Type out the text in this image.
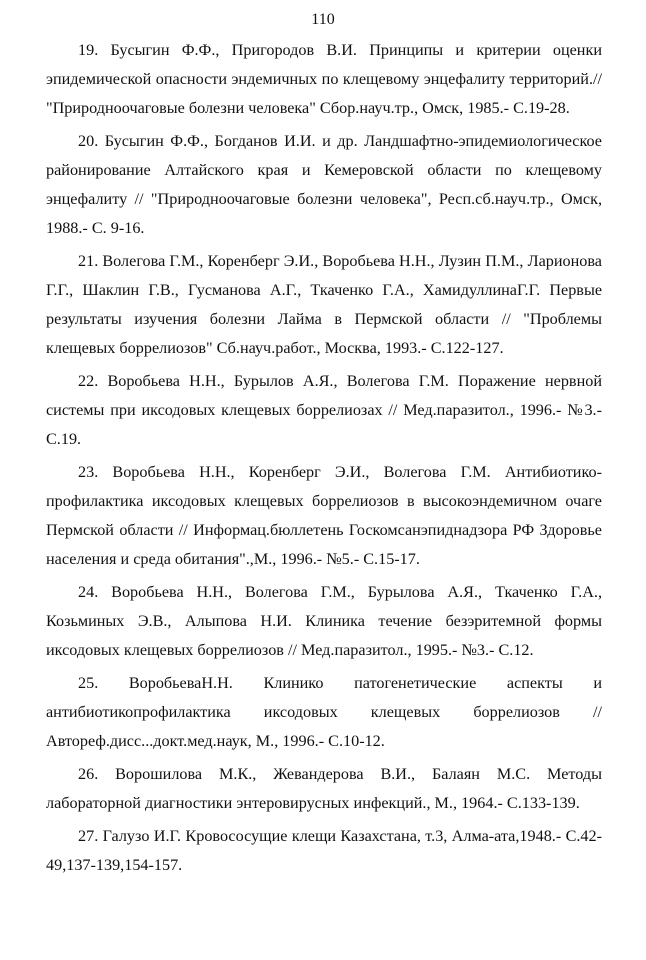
110

19. Бусыгин Ф.Ф., Пригородов В.И. Принципы и критерии оценки эпидемической опасности эндемичных по клещевому энцефалиту территорий.// "Природноочаговые болезни человека" Сбор.науч.тр., Омск, 1985.- С.19-28.

20. Бусыгин Ф.Ф., Богданов И.И. и др. Ландшафтно-эпидемиологическое районирование Алтайского края и Кемеровской области по клещевому энцефалиту // "Природноочаговые болезни человека", Респ.сб.науч.тр., Омск, 1988.- С. 9-16.

21. Волегова Г.М., Коренберг Э.И., Воробьева Н.Н., Лузин П.М., Ларионова Г.Г., Шаклин Г.В., Гусманова А.Г., Ткаченко Г.А., ХамидуллинаГ.Г. Первые результаты изучения болезни Лайма в Пермской области // "Проблемы клещевых боррелиозов" Сб.науч.работ., Москва, 1993.- С.122-127.

22. Воробьева Н.Н., Бурылов А.Я., Волегова Г.М. Поражение нервной системы при иксодовых клещевых боррелиозах // Мед.паразитол., 1996.- №3.- С.19.

23. Воробьева Н.Н., Коренберг Э.И., Волегова Г.М. Антибиотико-профилактика иксодовых клещевых боррелиозов в высокоэндемичном очаге Пермской области // Информац.бюллетень Госкомсанэпиднадзора РФ Здоровье населения и среда обитания".,М., 1996.- №5.- С.15-17.

24. Воробьева Н.Н., Волегова Г.М., Бурылова А.Я., Ткаченко Г.А., Козьминых Э.В., Алыпова Н.И. Клиника течение безэритемной формы иксодовых клещевых боррелиозов // Мед.паразитол., 1995.- №3.- С.12.

25. ВоробьеваН.Н. Клинико патогенетические аспекты и антибиотикопрофилактика иксодовых клещевых боррелиозов // Автореф.дисс...докт.мед.наук, М., 1996.- С.10-12.

26. Ворошилова М.К., Жевандерова В.И., Балаян М.С. Методы лабораторной диагностики энтеровирусных инфекций., М., 1964.- С.133-139.

27. Галузо И.Г. Кровососущие клещи Казахстана, т.3, Алма-ата,1948.- С.42-49,137-139,154-157.
